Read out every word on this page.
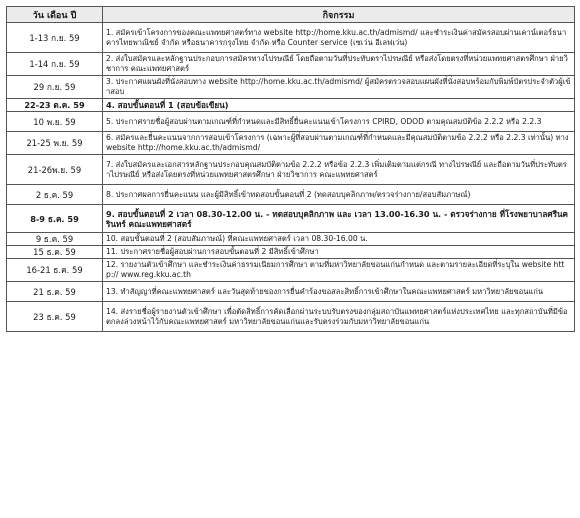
วัน เดือน ปี	กิจกรรม
1-13 ก.ย. 59	1. สมัครเข้าโครงการของคณะแพทยศาสตร์ทาง website http://home.kku.ac.th/admismd/ และชำระเงินค่าสมัครสอบผ่านเคาน์เตอร์ธนาคารไทยพาณิชย์ จำกัด หรือธนาคารกรุงไทย จำกัด หรือ Counter service (เซเว่น อีเลฟเว่น)
1-14 ก.ย. 59	2. ส่งใบสมัครและหลักฐานประกอบการสมัครทางไปรษณีย์ โดยถือตามวันที่ประทับตราไปรษณีย์ หรือส่งโดยตรงที่หน่วยแพทยศาสตรศึกษา ฝ่ายวิชาการ คณะแพทยศาสตร์
29 ก.ย. 59	3. ประกาศแผนผังที่นั่งสอบทาง website http://home.kku.ac.th/admismd/ ผู้สมัครตรวจสอบแผนผังที่นั่งสอบพร้อมกับพิมพ์บัตรประจำตัวผู้เข้าสอบ
22-23 ต.ค. 59	4. สอบขั้นตอนที่ 1 (สอบข้อเขียน)
10 พ.ย. 59	5. ประกาศรายชื่อผู้สอบผ่านตามเกณฑ์ที่กำหนดและมีสิทธิ์ยื่นคะแนนเข้าโครงการ CPIRD, ODOD ตามคุณสมบัติข้อ 2.2.2 หรือ 2.2.3
21-25 พ.ย. 59	6. สมัครและยื่นคะแนนจากการสอบเข้าโครงการ (เฉพาะผู้ที่สอบผ่านตามเกณฑ์ที่กำหนดและมีคุณสมบัติตามข้อ 2.2.2 หรือ 2.2.3 เท่านั้น) ทาง website http://home.kku.ac.th/admismd/
21-26พ.ย. 59	7. ส่งใบสมัครและเอกสารหลักฐานประกอบคุณสมบัติตามข้อ 2.2.2 หรือข้อ 2.2.3 เพิ่มเติมตามแต่กรณี ทางไปรษณีย์ และถือตามวันที่ประทับตราไปรษณีย์ หรือส่งโดยตรงที่หน่วยแพทยศาสตรศึกษา ฝ่ายวิชาการ คณะแพทยศาสตร์
2 ธ.ค. 59	8. ประกาศผลการยื่นคะแนน และผู้มีสิทธิ์เข้าทดสอบขั้นตอนที่ 2 (ทดสอบบุคลิกภาพ/ตรวจร่างกาย/สอบสัมภาษณ์)
8-9 ธ.ค. 59	9. สอบขั้นตอนที่ 2 เวลา 08.30-12.00 น. - ทดสอบบุคลิกภาพ และ เวลา 13.00-16.30 น. - ตรวจร่างกาย ที่โรงพยาบาลศรีนครินทร์ คณะแพทยศาสตร์
9 ธ.ค. 59	10. สอบขั้นตอนที่ 2 (สอบสัมภาษณ์) ที่คณะแพทยศาสตร์ เวลา 08.30-16.00 น.
15 ธ.ค. 59	11. ประกาศรายชื่อผู้สอบผ่านการสอบขั้นตอนที่ 2 มีสิทธิ์เข้าศึกษา
16-21 ธ.ค. 59	12. รายงานตัวเข้าศึกษา และชำระเงินค่าธรรมเนียมการศึกษา ตามที่มหาวิทยาลัยขอนแก่นกำหนด และตามรายละเอียดที่ระบุใน website http:// www.reg.kku.ac.th
21 ธ.ค. 59	13. ทำสัญญาที่คณะแพทยศาสตร์ และวันสุดท้ายของการยื่นคำร้องขอสละสิทธิ์การเข้าศึกษาในคณะแพทยศาสตร์ มหาวิทยาลัยขอนแก่น
23 ธ.ค. 59	14. ส่งรายชื่อผู้รายงานตัวเข้าศึกษา เพื่อตัดสิทธิ์การคัดเลือกผ่านระบบรับตรงของกลุ่มสถาบันแพทยศาสตร์แห่งประเทศไทย และทุกสถาบันที่มีข้อตกลงล่วงหน้าไว้กับคณะแพทยศาสตร์ มหาวิทยาลัยขอนแก่นและรับตรงร่วมกับมหาวิทยาลัยขอนแก่น
